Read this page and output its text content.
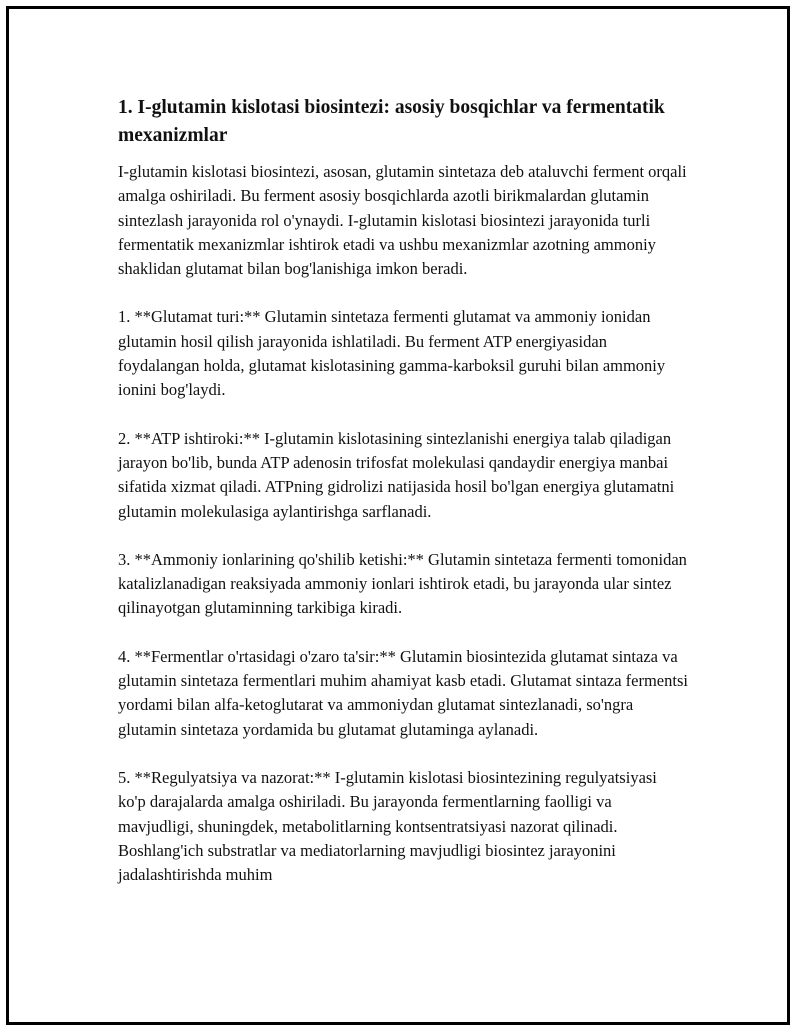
1. I-glutamin kislotasi biosintezi: asosiy bosqichlar va fermentatik mexanizmlar

I-glutamin kislotasi biosintezi, asosan, glutamin sintetaza deb ataluvchi ferment orqali amalga oshiriladi. Bu ferment asosiy bosqichlarda azotli birikmalardan glutamin sintezlash jarayonida rol o'ynaydi. I-glutamin kislotasi biosintezi jarayonida turli fermentatik mexanizmlar ishtirok etadi va ushbu mexanizmlar azotning ammoniy shaklidan glutamat bilan bog'lanishiga imkon beradi.

1. **Glutamat turi:** Glutamin sintetaza fermenti glutamat va ammoniy ionidan glutamin hosil qilish jarayonida ishlatiladi. Bu ferment ATP energiyasidan foydalangan holda, glutamat kislotasining gamma-karboksil guruhi bilan ammoniy ionini bog'laydi.

2. **ATP ishtiroki:** I-glutamin kislotasining sintezlanishi energiya talab qiladigan jarayon bo'lib, bunda ATP adenosin trifosfat molekulasi qandaydir energiya manbai sifatida xizmat qiladi. ATPning gidrolizi natijasida hosil bo'lgan energiya glutamatni glutamin molekulasiga aylantirishga sarflanadi.

3. **Ammoniy ionlarining qo'shilib ketishi:** Glutamin sintetaza fermenti tomonidan katalizlanadigan reaksiyada ammoniy ionlari ishtirok etadi, bu jarayonda ular sintez qilinayotgan glutaminning tarkibiga kiradi.

4. **Fermentlar o'rtasidagi o'zaro ta'sir:** Glutamin biosintezida glutamat sintaza va glutamin sintetaza fermentlari muhim ahamiyat kasb etadi. Glutamat sintaza fermentsi yordami bilan alfa-ketoglutarat va ammoniydan glutamat sintezlanadi, so'ngra glutamin sintetaza yordamida bu glutamat glutaminga aylanadi.

5. **Regulyatsiya va nazorat:** I-glutamin kislotasi biosintezining regulyatsiyasi ko'p darajalarda amalga oshiriladi. Bu jarayonda fermentlarning faolligi va mavjudligi, shuningdek, metabolitlarning kontsentratsiyasi nazorat qilinadi. Boshlang'ich substratlar va mediatorlarning mavjudligi biosintez jarayonini jadalashtirishda muhim
